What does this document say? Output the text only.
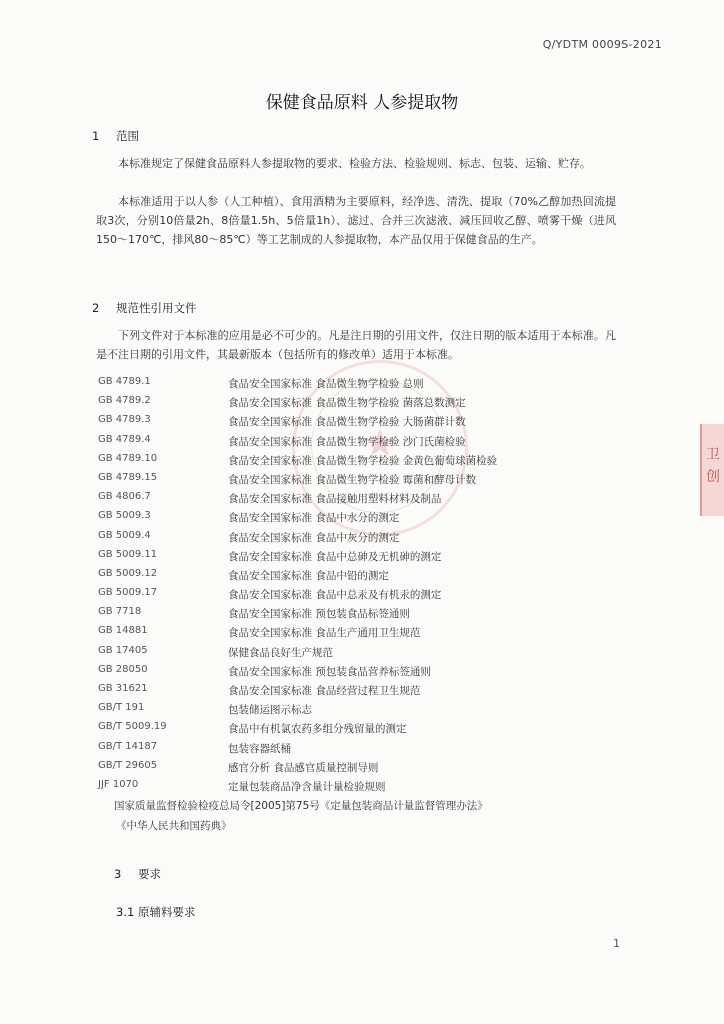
★	卫
创
Q/YDTM 0009S-2021
保健食品原料 人参提取物
1 范围
本标准规定了保健食品原料人参提取物的要求、检验方法、检验规则、标志、包装、运输、贮存。
本标准适用于以人参（人工种植）、食用酒精为主要原料，经净选、清洗、提取（70%乙醇加热回流提取3次，分别10倍量2h、8倍量1.5h、5倍量1h）、滤过、合并三次滤液、减压回收乙醇、喷雾干燥（进风150～170℃，排风80～85℃）等工艺制成的人参提取物，本产品仅用于保健食品的生产。
2 规范性引用文件
下列文件对于本标准的应用是必不可少的。凡是注日期的引用文件，仅注日期的版本适用于本标准。凡是不注日期的引用文件，其最新版本（包括所有的修改单）适用于本标准。
GB 4789.1	食品安全国家标准 食品微生物学检验 总则
GB 4789.2	食品安全国家标准 食品微生物学检验 菌落总数测定
GB 4789.3	食品安全国家标准 食品微生物学检验 大肠菌群计数
GB 4789.4	食品安全国家标准 食品微生物学检验 沙门氏菌检验
GB 4789.10	食品安全国家标准 食品微生物学检验 金黄色葡萄球菌检验
GB 4789.15	食品安全国家标准 食品微生物学检验 霉菌和酵母计数
GB 4806.7	食品安全国家标准 食品接触用塑料材料及制品
GB 5009.3	食品安全国家标准 食品中水分的测定
GB 5009.4	食品安全国家标准 食品中灰分的测定
GB 5009.11	食品安全国家标准 食品中总砷及无机砷的测定
GB 5009.12	食品安全国家标准 食品中铅的测定
GB 5009.17	食品安全国家标准 食品中总汞及有机汞的测定
GB 7718	食品安全国家标准 预包装食品标签通则
GB 14881	食品安全国家标准 食品生产通用卫生规范
GB 17405	保健食品良好生产规范
GB 28050	食品安全国家标准 预包装食品营养标签通则
GB 31621	食品安全国家标准 食品经营过程卫生规范
GB/T 191	包装储运图示标志
GB/T 5009.19	食品中有机氯农药多组分残留量的测定
GB/T 14187	包装容器纸桶
GB/T 29605	感官分析 食品感官质量控制导则
JJF 1070	定量包装商品净含量计量检验规则
国家质量监督检验检疫总局令[2005]第75号《定量包装商品计量监督管理办法》
《中华人民共和国药典》
3 要求
3.1 原辅料要求
1
